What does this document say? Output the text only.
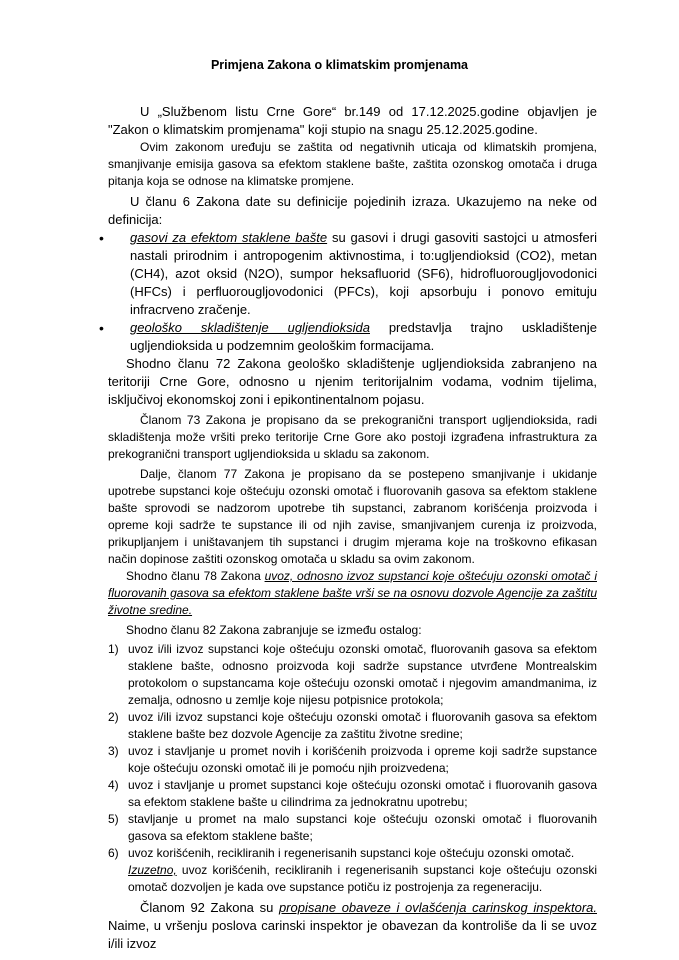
Primjena Zakona o klimatskim promjenama

U „Službenom listu Crne Gore“ br.149 od 17.12.2025.godine objavljen je "Zakon o klimatskim promjenama" koji stupio na snagu 25.12.2025.godine.

Ovim zakonom uređuju se zaštita od negativnih uticaja od klimatskih promjena, smanjivanje emisija gasova sa efektom staklene bašte, zaštita ozonskog omotača i druga pitanja koja se odnose na klimatske promjene.

U članu 6 Zakona date su definicije pojedinih izraza. Ukazujemo na neke od definicija:

• gasovi za efektom staklene bašte su gasovi i drugi gasoviti sastojci u atmosferi nastali prirodnim i antropogenim aktivnostima, i to:ugljendioksid (CO2), metan (CH4), azot oksid (N2O), sumpor heksafluorid (SF6), hidrofluorougljovodonici (HFCs) i perfluorougljovodonici (PFCs), koji apsorbuju i ponovo emituju infracrveno zračenje.
• geološko skladištenje ugljendioksida predstavlja trajno uskladištenje ugljendioksida u podzemnim geološkim formacijama.

Shodno članu 72 Zakona geološko skladištenje ugljendioksida zabranjeno na teritoriji Crne Gore, odnosno u njenim teritorijalnim vodama, vodnim tijelima, isključivoj ekonomskoj zoni i epikontinentalnom pojasu.

Članom 73 Zakona je propisano da se prekogranični transport ugljendioksida, radi skladištenja može vršiti preko teritorije Crne Gore ako postoji izgrađena infrastruktura za prekogranični transport ugljendioksida u skladu sa zakonom.

Dalje, članom 77 Zakona je propisano da se postepeno smanjivanje i ukidanje upotrebe supstanci koje oštećuju ozonski omotač i fluorovanih gasova sa efektom staklene bašte sprovodi se nadzorom upotrebe tih supstanci, zabranom korišćenja proizvoda i opreme koji sadrže te supstance ili od njih zavise, smanjivanjem curenja iz proizvoda, prikupljanjem i uništavanjem tih supstanci i drugim mjerama koje na troškovno efikasan način dopinose zaštiti ozonskog omotača u skladu sa ovim zakonom.

Shodno članu 78 Zakona uvoz, odnosno izvoz supstanci koje oštećuju ozonski omotač i fluorovanih gasova sa efektom staklene bašte vrši se na osnovu dozvole Agencije za zaštitu životne sredine.

Shodno članu 82 Zakona zabranjuje se između ostalog:

1) uvoz i/ili izvoz supstanci koje oštećuju ozonski omotač, fluorovanih gasova sa efektom staklene bašte, odnosno proizvoda koji sadrže supstance utvrđene Montrealskim protokolom o supstancama koje oštećuju ozonski omotač i njegovim amandmanima, iz zemalja, odnosno u zemlje koje nijesu potpisnice protokola;
2) uvoz i/ili izvoz supstanci koje oštećuju ozonski omotač i fluorovanih gasova sa efektom staklene bašte bez dozvole Agencije za zaštitu životne sredine;
3) uvoz i stavljanje u promet novih i korišćenih proizvoda i opreme koji sadrže supstance koje oštećuju ozonski omotač ili je pomoću njih proizvedena;
4) uvoz i stavljanje u promet supstanci koje oštećuju ozonski omotač i fluorovanih gasova sa efektom staklene bašte u cilindrima za jednokratnu upotrebu;
5) stavljanje u promet na malo supstanci koje oštećuju ozonski omotač i fluorovanih gasova sa efektom staklene bašte;
6) uvoz korišćenih, recikliranih i regenerisanih supstanci koje oštećuju ozonski omotač.

Izuzetno, uvoz korišćenih, recikliranih i regenerisanih supstanci koje oštećuju ozonski omotač dozvoljen je kada ove supstance potiču iz postrojenja za regeneraciju.

Članom 92 Zakona su propisane obaveze i ovlašćenja carinskog inspektora. Naime, u vršenju poslova carinski inspektor je obavezan da kontroliše da li se uvoz i/ili izvoz
